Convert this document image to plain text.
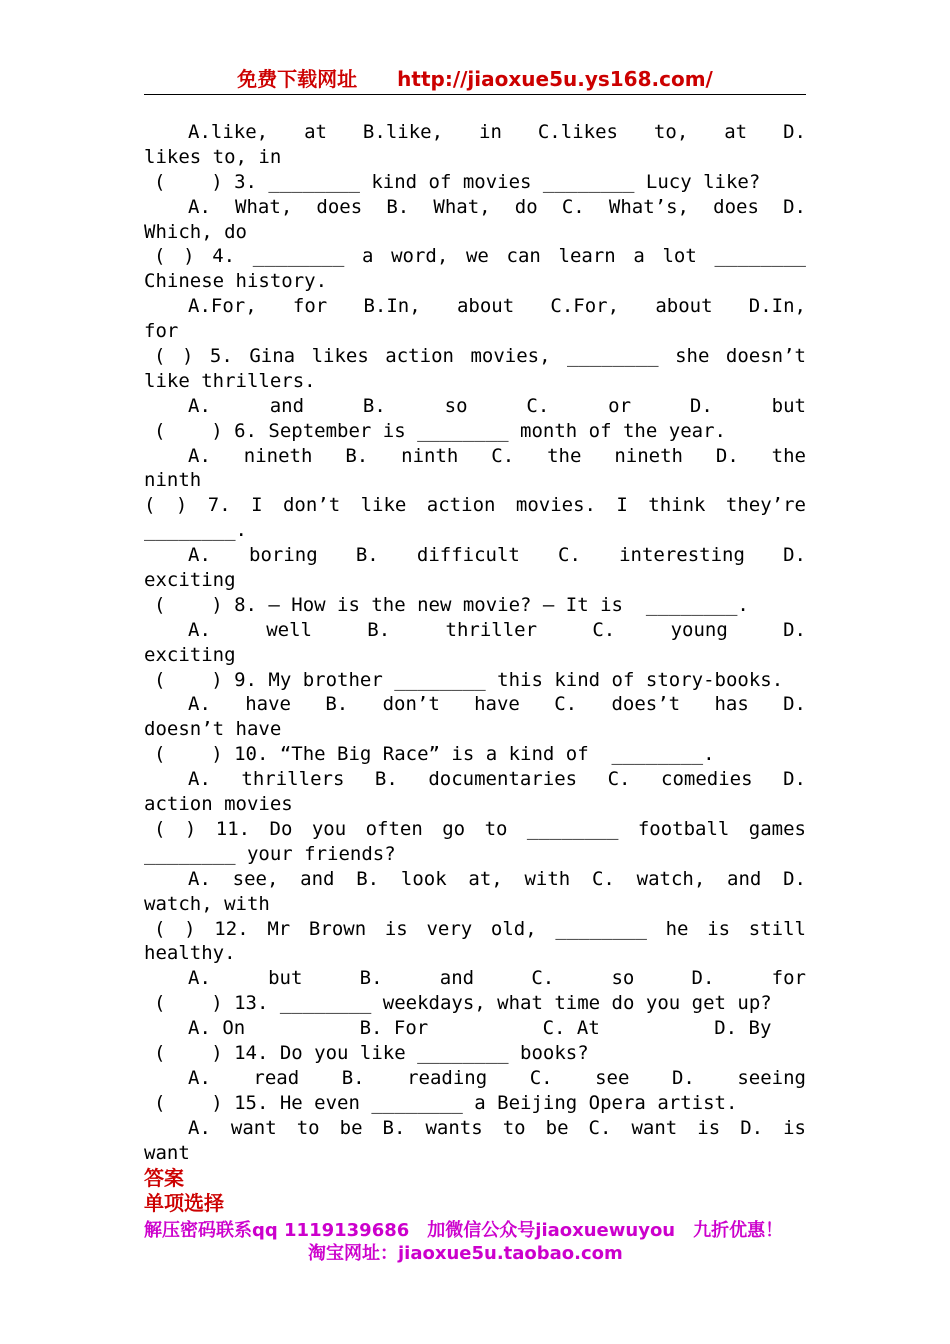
免费下载网址　　http://jiaoxue5u.ys168.com/
A.like, at B.like, in C.likes to, at D.
likes to, in
(    ) 3. ________ kind of movies ________ Lucy like?
A. What, does B. What, do C. What’s, does D.
Which, do
( ) 4. ________ a word, we can learn a lot ________
Chinese history.
A.For, for B.In, about C.For, about D.In,
for
( ) 5. Gina likes action movies, ________ she doesn’t
like thrillers.
A. and B. so C. or D. but
(    ) 6. September is ________ month of the year.
A. nineth B. ninth C. the nineth D. the
ninth
( ) 7. I don’t like action movies. I think they’re
________.
A. boring B. difficult C. interesting D.
exciting
(    ) 8. — How is the new movie? — It is  ________.
A. well B. thriller C. young D.
exciting
(    ) 9. My brother ________ this kind of story-books.
A. have B. don’t have C. does’t has D.
doesn’t have
(    ) 10. “The Big Race” is a kind of  ________.
A. thrillers B. documentaries C. comedies D.
action movies
( ) 11. Do you often go to ________ football games
________ your friends?
A. see, and B. look at, with C. watch, and D.
watch, with
( ) 12. Mr Brown is very old, ________ he is still
healthy.
A. but B. and C. so D. for
(    ) 13. ________ weekdays, what time do you get up?
A. On          B. For          C. At          D. By
(    ) 14. Do you like ________ books?
A. read B. reading C. see D. seeing
(    ) 15. He even ________ a Beijing Opera artist.
A. want to be B. wants to be C. want is D. is
want
答案
单项选择
解压密码联系qq 1119139686　加微信公众号jiaoxuewuyou　九折优惠！
淘宝网址：jiaoxue5u.taobao.com
